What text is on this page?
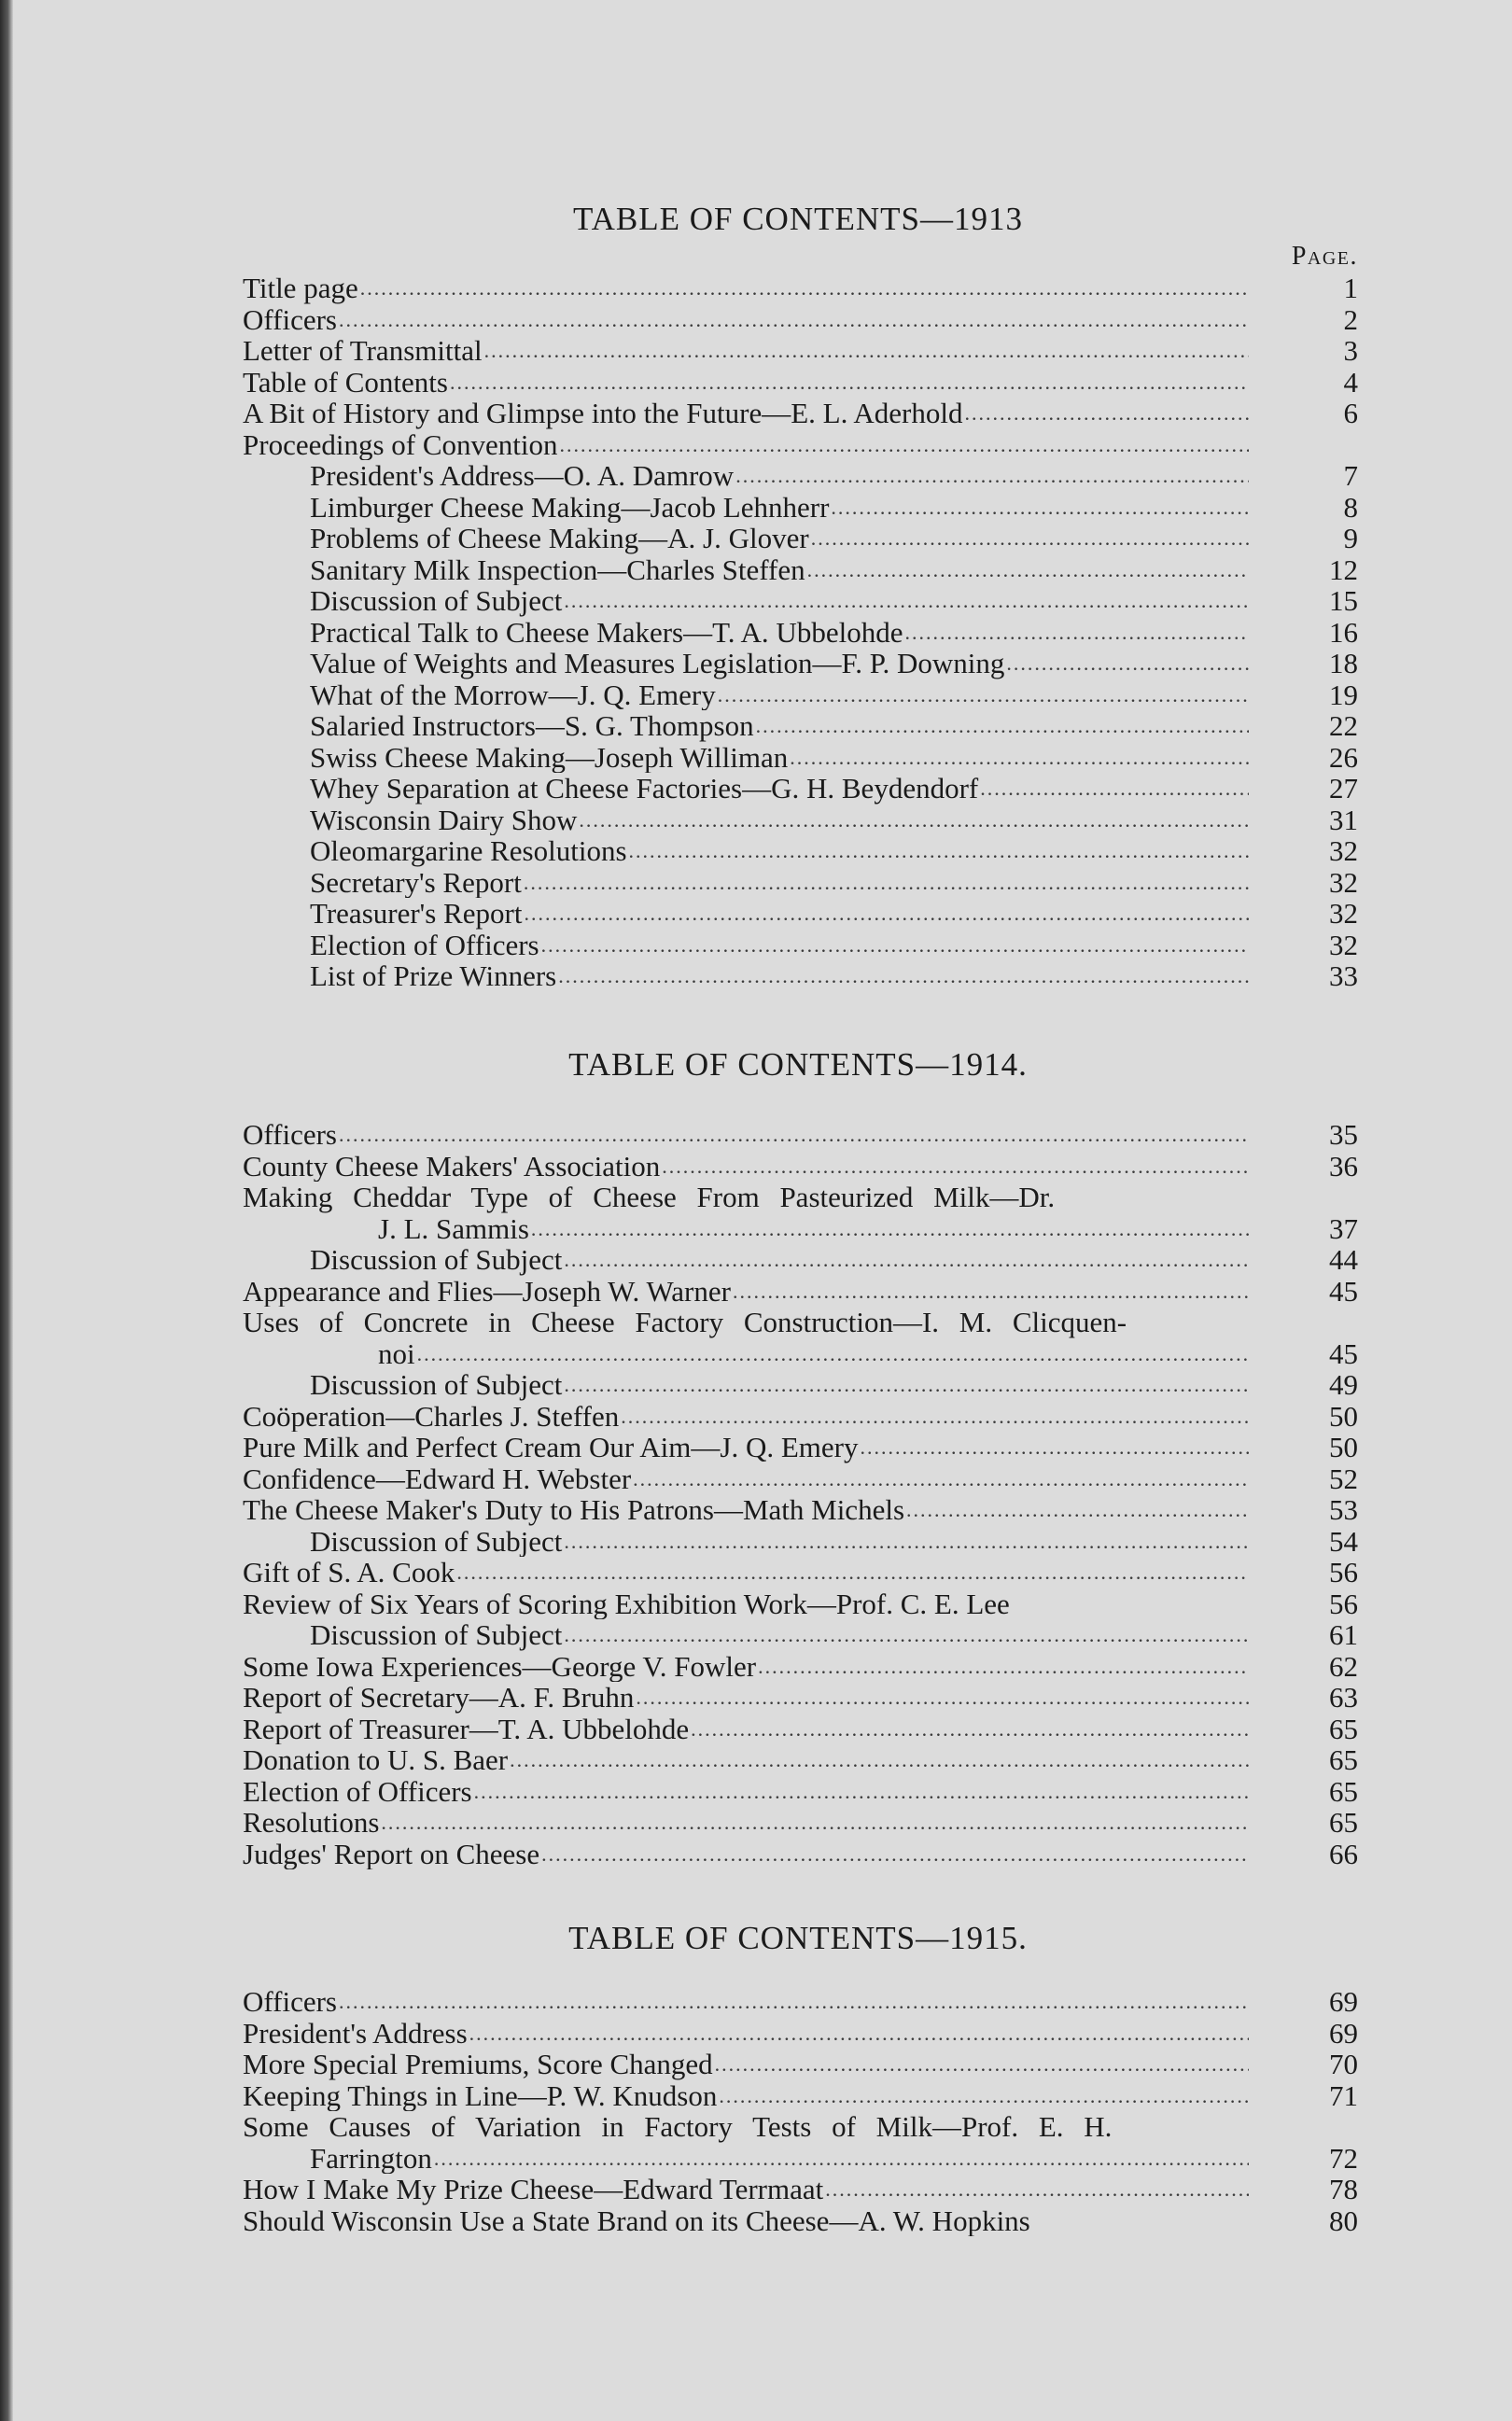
TABLE OF CONTENTS—1913
Page.
Title page .....	1
Officers .....	2
Letter of Transmittal .....	3
Table of Contents .....	4
A Bit of History and Glimpse into the Future—E. L. Aderhold .....	6
Proceedings of Convention
.....
President's Address—O. A. Damrow .....	7
Limburger Cheese Making—Jacob Lehnherr .....	8
Problems of Cheese Making—A. J. Glover .....	9
Sanitary Milk Inspection—Charles Steffen .....	12
Discussion of Subject .....	15
Practical Talk to Cheese Makers—T. A. Ubbelohde .....	16
Value of Weights and Measures Legislation—F. P. Downing .....	18
What of the Morrow—J. Q. Emery .....	19
Salaried Instructors—S. G. Thompson .....	22
Swiss Cheese Making—Joseph Williman .....	26
Whey Separation at Cheese Factories—G. H. Beydendorf .....	27
Wisconsin Dairy Show .....	31
Oleomargarine Resolutions .....	32
Secretary's Report .....	32
Treasurer's Report .....	32
Election of Officers .....	32
List of Prize Winners .....	33
TABLE OF CONTENTS—1914.
Officers .....	35
County Cheese Makers' Association .....	36
Making Cheddar Type of Cheese From Pasteurized Milk—Dr.
J. L. Sammis .....	37
Discussion of Subject .....	44
Appearance and Flies—Joseph W. Warner .....	45
Uses of Concrete in Cheese Factory Construction—I. M. Clicquen-
noi .....	45
Discussion of Subject .....	49
Coöperation—Charles J. Steffen .....	50
Pure Milk and Perfect Cream Our Aim—J. Q. Emery .....	50
Confidence—Edward H. Webster .....	52
The Cheese Maker's Duty to His Patrons—Math Michels .....	53
Discussion of Subject .....	54
Gift of S. A. Cook .....	56
Review of Six Years of Scoring Exhibition Work—Prof. C. E. Lee	56
Discussion of Subject .....	61
Some Iowa Experiences—George V. Fowler .....	62
Report of Secretary—A. F. Bruhn .....	63
Report of Treasurer—T. A. Ubbelohde .....	65
Donation to U. S. Baer .....	65
Election of Officers .....	65
Resolutions .....	65
Judges' Report on Cheese .....	66
TABLE OF CONTENTS—1915.
Officers .....	69
President's Address .....	69
More Special Premiums, Score Changed .....	70
Keeping Things in Line—P. W. Knudson .....	71
Some Causes of Variation in Factory Tests of Milk—Prof. E. H.
Farrington .....	72
How I Make My Prize Cheese—Edward Terrmaat .....	78
Should Wisconsin Use a State Brand on its Cheese—A. W. Hopkins	80
